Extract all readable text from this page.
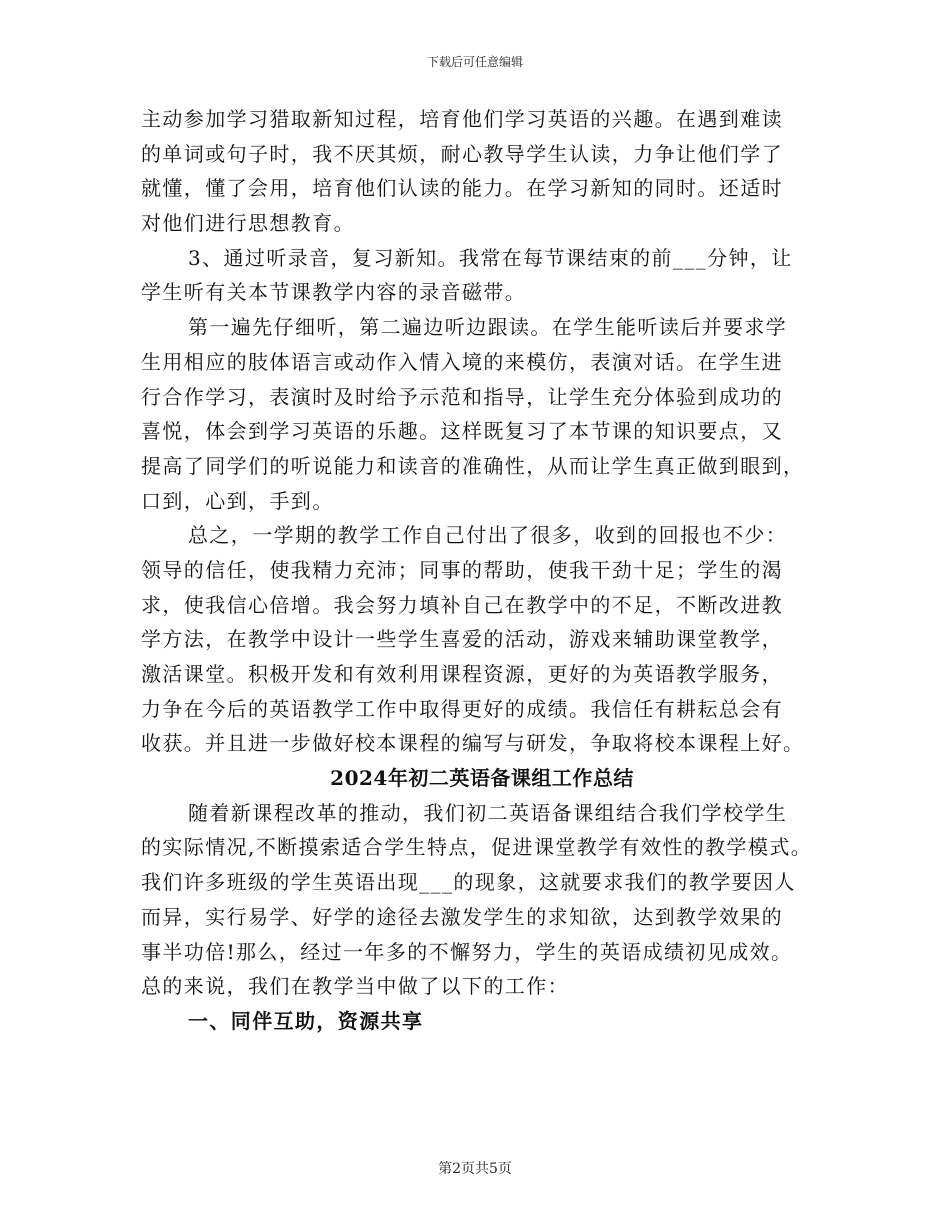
下载后可任意编辑
主动参加学习猎取新知过程，培育他们学习英语的兴趣。在遇到难读
的单词或句子时，我不厌其烦，耐心教导学生认读，力争让他们学了
就懂，懂了会用，培育他们认读的能力。在学习新知的同时。还适时
对他们进行思想教育。
3、通过听录音，复习新知。我常在每节课结束的前___分钟，让
学生听有关本节课教学内容的录音磁带。
第一遍先仔细听，第二遍边听边跟读。在学生能听读后并要求学
生用相应的肢体语言或动作入情入境的来模仿，表演对话。在学生进
行合作学习，表演时及时给予示范和指导，让学生充分体验到成功的
喜悦，体会到学习英语的乐趣。这样既复习了本节课的知识要点，又
提高了同学们的听说能力和读音的准确性，从而让学生真正做到眼到，
口到，心到，手到。
总之，一学期的教学工作自己付出了很多，收到的回报也不少：
领导的信任，使我精力充沛；同事的帮助，使我干劲十足；学生的渴
求，使我信心倍增。我会努力填补自己在教学中的不足，不断改进教
学方法，在教学中设计一些学生喜爱的活动，游戏来辅助课堂教学，
激活课堂。积极开发和有效利用课程资源，更好的为英语教学服务，
力争在今后的英语教学工作中取得更好的成绩。我信任有耕耘总会有
收获。并且进一步做好校本课程的编写与研发，争取将校本课程上好。
2024年初二英语备课组工作总结
随着新课程改革的推动，我们初二英语备课组结合我们学校学生
的实际情况,不断摸索适合学生特点，促进课堂教学有效性的教学模式。
我们许多班级的学生英语出现___的现象，这就要求我们的教学要因人
而异，实行易学、好学的途径去激发学生的求知欲，达到教学效果的
事半功倍!那么，经过一年多的不懈努力，学生的英语成绩初见成效。
总的来说，我们在教学当中做了以下的工作：
一、同伴互助，资源共享
第2页共5页
